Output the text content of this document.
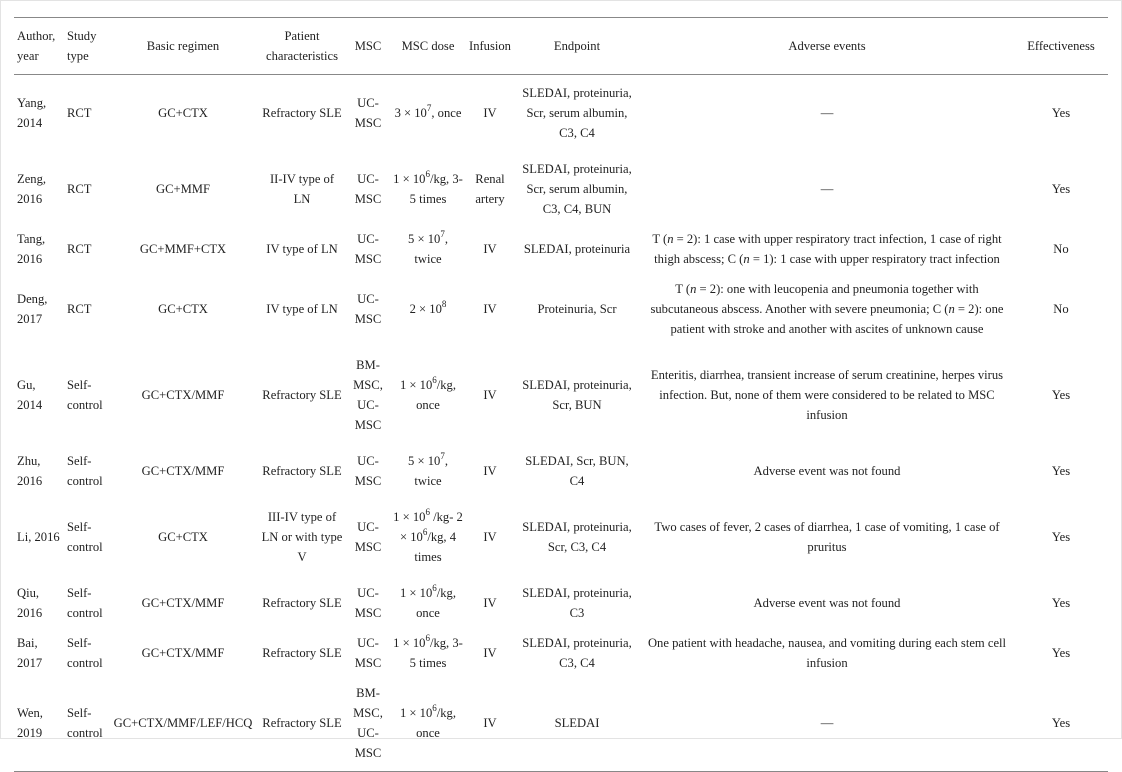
Author, year	Study type	Basic regimen	Patient characteristics	MSC	MSC dose	Infusion	Endpoint	Adverse events	Effectiveness
Yang, 2014	RCT	GC+CTX	Refractory SLE	UC-MSC	$3 \times 10^7$, once	IV	SLEDAI, proteinuria, Scr, serum albumin, C3, C4	—	Yes
Zeng, 2016	RCT	GC+MMF	II-IV type of LN	UC-MSC	$1 \times 10^6/kg$, 3-5 times	Renal artery	SLEDAI, proteinuria, Scr, serum albumin, C3, C4, BUN	—	Yes
Tang, 2016	RCT	GC+MMF+CTX	IV type of LN	UC-MSC	$5 \times 10^7$, twice	IV	SLEDAI, proteinuria	T (n = 2): 1 case with upper respiratory tract infection, 1 case of right thigh abscess; C (n = 1): 1 case with upper respiratory tract infection	No
Deng, 2017	RCT	GC+CTX	IV type of LN	UC-MSC	$2 \times 10^8$	IV	Proteinuria, Scr	T (n = 2): one with leucopenia and pneumonia together with subcutaneous abscess. Another with severe pneumonia; C (n = 2): one patient with stroke and another with ascites of unknown cause	No
Gu, 2014	Self-control	GC+CTX/MMF	Refractory SLE	BM-MSC, UC-MSC	$1 \times 10^6/kg$, once	IV	SLEDAI, proteinuria, Scr, BUN	Enteritis, diarrhea, transient increase of serum creatinine, herpes virus infection. But, none of them were considered to be related to MSC infusion	Yes
Zhu, 2016	Self-control	GC+CTX/MMF	Refractory SLE	UC-MSC	$5 \times 10^7$, twice	IV	SLEDAI, Scr, BUN, C4	Adverse event was not found	Yes
Li, 2016	Self-control	GC+CTX	III-IV type of LN or with type V	UC-MSC	$1 \times 10^6$ /kg- $2 \times 10^6/kg$, 4 times	IV	SLEDAI, proteinuria, Scr, C3, C4	Two cases of fever, 2 cases of diarrhea, 1 case of vomiting, 1 case of pruritus	Yes
Qiu, 2016	Self-control	GC+CTX/MMF	Refractory SLE	UC-MSC	$1 \times 10^6/kg$, once	IV	SLEDAI, proteinuria, C3	Adverse event was not found	Yes
Bai, 2017	Self-control	GC+CTX/MMF	Refractory SLE	UC-MSC	$1 \times 10^6/kg$, 3-5 times	IV	SLEDAI, proteinuria, C3, C4	One patient with headache, nausea, and vomiting during each stem cell infusion	Yes
Wen, 2019	Self-control	GC+CTX/MMF/LEF/HCQ	Refractory SLE	BM-MSC, UC-MSC	$1 \times 10^6/kg$, once	IV	SLEDAI	—	Yes
